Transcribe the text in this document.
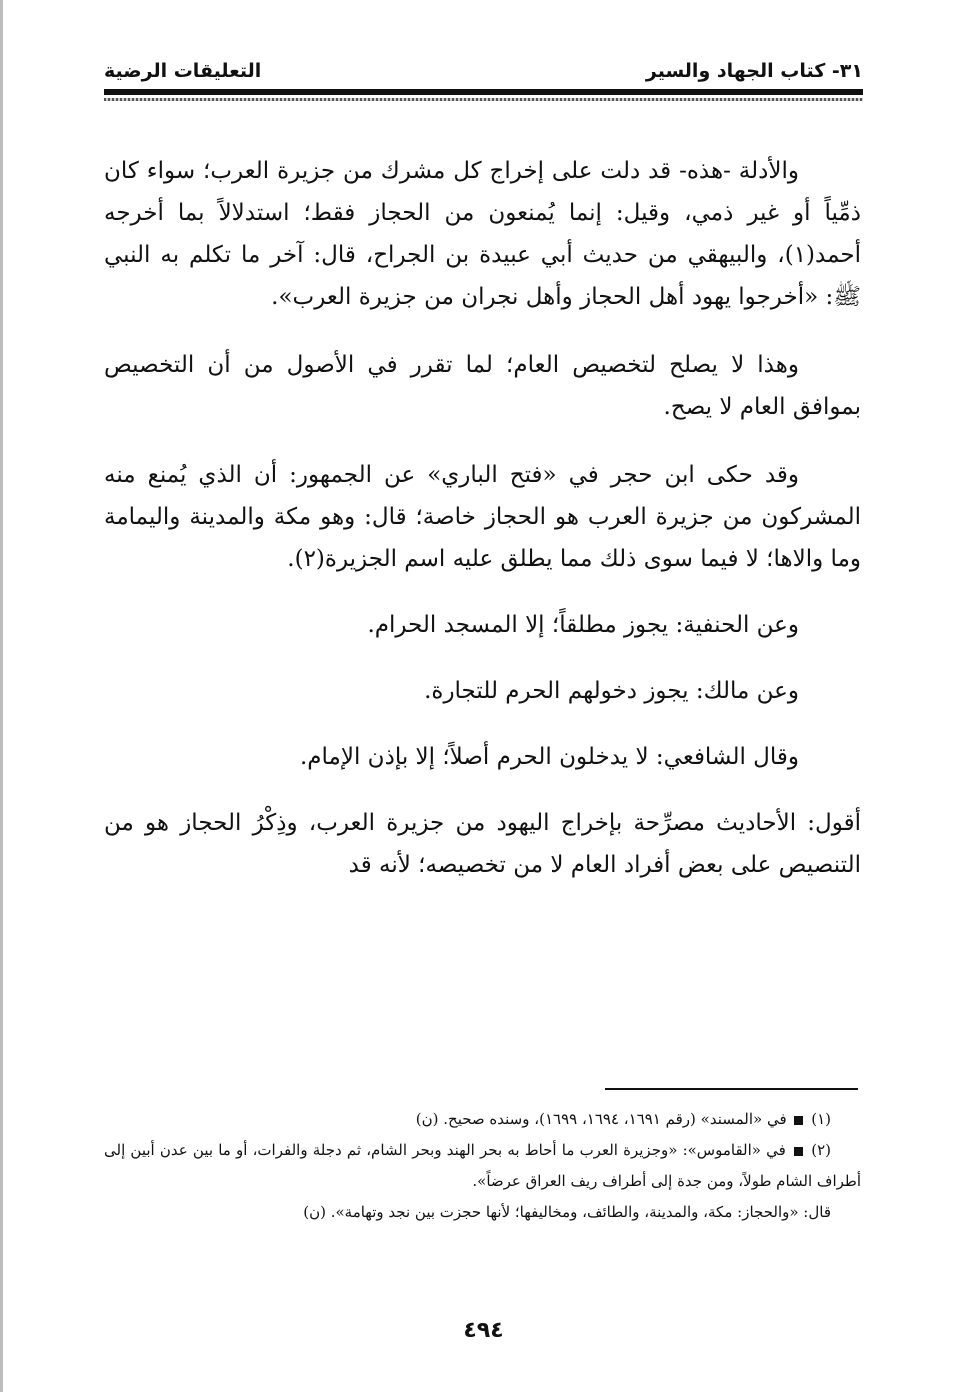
٣١- كتاب الجهاد والسير
التعليقات الرضية

والأدلة -هذه- قد دلت على إخراج كل مشرك من جزيرة العرب؛ سواء كان ذمِّياً أو غير ذمي، وقيل: إنما يُمنعون من الحجاز فقط؛ استدلالاً بما أخرجه أحمد(١)، والبيهقي من حديث أبي عبيدة بن الجراح، قال: آخر ما تكلم به النبي ﷺ: «أخرجوا يهود أهل الحجاز وأهل نجران من جزيرة العرب».

وهذا لا يصلح لتخصيص العام؛ لما تقرر في الأصول من أن التخصيص بموافق العام لا يصح.

وقد حكى ابن حجر في «فتح الباري» عن الجمهور: أن الذي يُمنع منه المشركون من جزيرة العرب هو الحجاز خاصة؛ قال: وهو مكة والمدينة واليمامة وما والاها؛ لا فيما سوى ذلك مما يطلق عليه اسم الجزيرة(٢).

وعن الحنفية: يجوز مطلقاً؛ إلا المسجد الحرام.

وعن مالك: يجوز دخولهم الحرم للتجارة.

وقال الشافعي: لا يدخلون الحرم أصلاً؛ إلا بإذن الإمام.

أقول: الأحاديث مصرِّحة بإخراج اليهود من جزيرة العرب، وذِكْرُ الحجاز هو من التنصيص على بعض أفراد العام لا من تخصيصه؛ لأنه قد

(١)  في «المسند» (رقم ١٦٩١، ١٦٩٤، ١٦٩٩)، وسنده صحيح. (ن)

(٢)  في «القاموس»: «وجزيرة العرب ما أحاط به بحر الهند وبحر الشام، ثم دجلة والفرات، أو ما بين عدن أبين إلى أطراف الشام طولاً، ومن جدة إلى أطراف ريف العراق عرضاً».

قال: «والحجاز: مكة، والمدينة، والطائف، ومخاليفها؛ لأنها حجزت بين نجد وتهامة». (ن)

٤٩٤
